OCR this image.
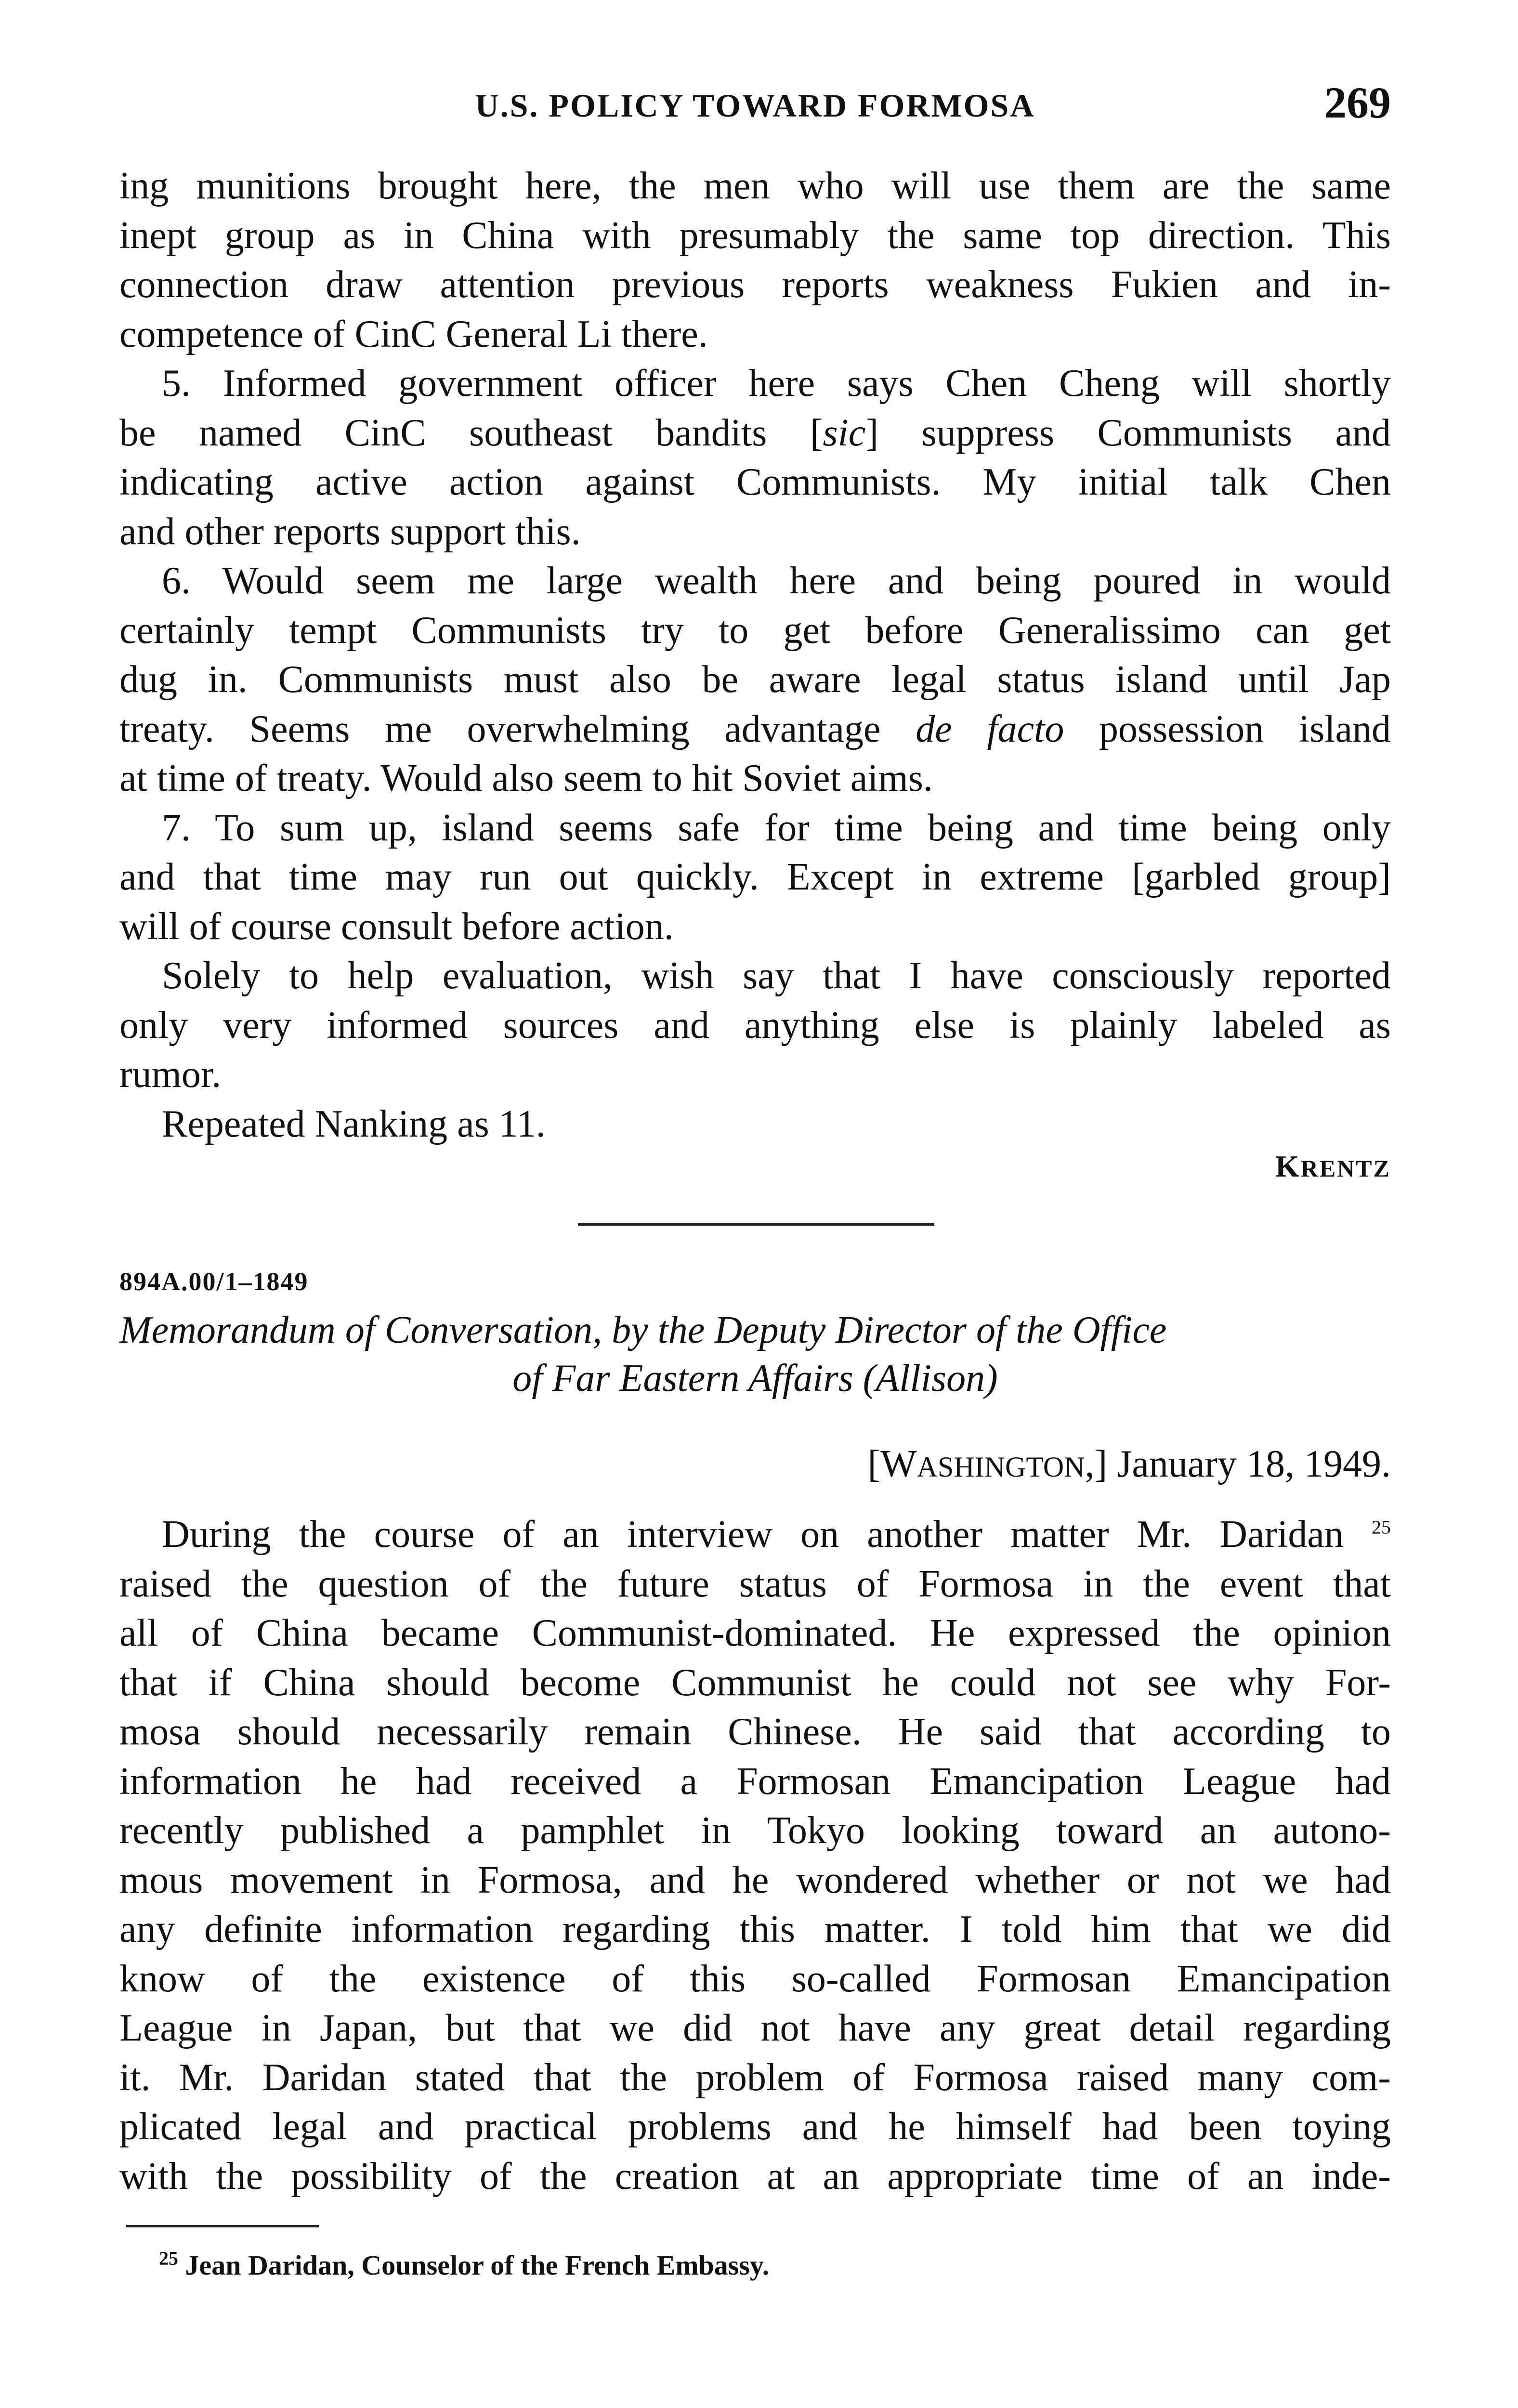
U.S. POLICY TOWARD FORMOSA	269
ing munitions brought here, the men who will use them are the same
inept group as in China with presumably the same top direction. This
connection draw attention previous reports weakness Fukien and in-
competence of CinC General Li there.
5. Informed government officer here says Chen Cheng will shortly
be named CinC southeast bandits [sic] suppress Communists and
indicating active action against Communists. My initial talk Chen
and other reports support this.
6. Would seem me large wealth here and being poured in would
certainly tempt Communists try to get before Generalissimo can get
dug in. Communists must also be aware legal status island until Jap
treaty. Seems me overwhelming advantage de facto possession island
at time of treaty. Would also seem to hit Soviet aims.
7. To sum up, island seems safe for time being and time being only
and that time may run out quickly. Except in extreme [garbled group]
will of course consult before action.
Solely to help evaluation, wish say that I have consciously reported
only very informed sources and anything else is plainly labeled as
rumor.
Repeated Nanking as 11.
KRENTZ
894A.00/1–1849
Memorandum of Conversation, by the Deputy Director of the Office
of Far Eastern Affairs (Allison)
[WASHINGTON,] January 18, 1949.
During the course of an interview on another matter Mr. Daridan $^{25}$
raised the question of the future status of Formosa in the event that
all of China became Communist-dominated. He expressed the opinion
that if China should become Communist he could not see why For-
mosa should necessarily remain Chinese. He said that according to
information he had received a Formosan Emancipation League had
recently published a pamphlet in Tokyo looking toward an autono-
mous movement in Formosa, and he wondered whether or not we had
any definite information regarding this matter. I told him that we did
know of the existence of this so-called Formosan Emancipation
League in Japan, but that we did not have any great detail regarding
it. Mr. Daridan stated that the problem of Formosa raised many com-
plicated legal and practical problems and he himself had been toying
with the possibility of the creation at an appropriate time of an inde-
$^{25}$ Jean Daridan, Counselor of the French Embassy.
